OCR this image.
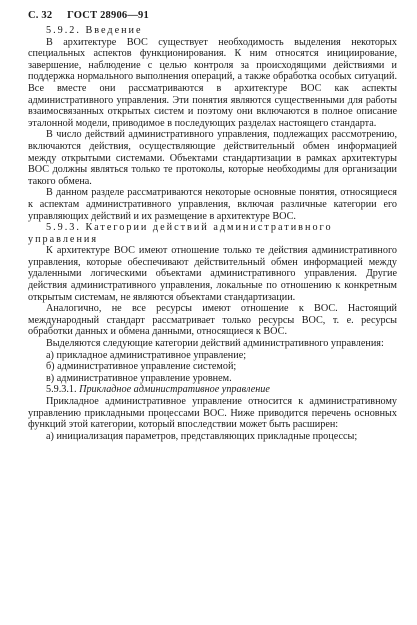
С. 32 ГОСТ 28906—91

5.9.2. Введение

В архитектуре ВОС существует необходимость выделения некоторых специальных аспектов функционирования. К ним относятся инициирование, завершение, наблюдение с целью контроля за происходящими действиями и поддержка нормального выполнения операций, а также обработка особых ситуаций. Все вместе они рассматриваются в архитектуре ВОС как аспекты административного управления. Эти понятия являются существенными для работы взаимосвязанных открытых систем и поэтому они включаются в полное описание эталонной модели, приводимое в последующих разделах настоящего стандарта.

В число действий административного управления, подлежащих рассмотрению, включаются действия, осуществляющие действительный обмен информацией между открытыми системами. Объектами стандартизации в рамках архитектуры ВОС должны являться только те протоколы, которые необходимы для организации такого обмена.

В данном разделе рассматриваются некоторые основные понятия, относящиеся к аспектам административного управления, включая различные категории его управляющих действий и их размещение в архитектуре ВОС.

5.9.3. Категории действий административного

управления

К архитектуре ВОС имеют отношение только те действия административного управления, которые обеспечивают действительный обмен информацией между удаленными логическими объектами административного управления. Другие действия административного управления, локальные по отношению к конкретным открытым системам, не являются объектами стандартизации.

Аналогично, не все ресурсы имеют отношение к ВОС. Настоящий международный стандарт рассматривает только ресурсы ВОС, т. е. ресурсы обработки данных и обмена данными, относящиеся к ВОС.

Выделяются следующие категории действий административного управления:

а) прикладное административное управление;

б) административное управление системой;

в) административное управление уровнем.

5.9.3.1. Прикладное административное управление

Прикладное административное управление относится к административному управлению прикладными процессами ВОС. Ниже приводится перечень основных функций этой категории, который впоследствии может быть расширен:

а) инициализация параметров, представляющих прикладные процессы;
